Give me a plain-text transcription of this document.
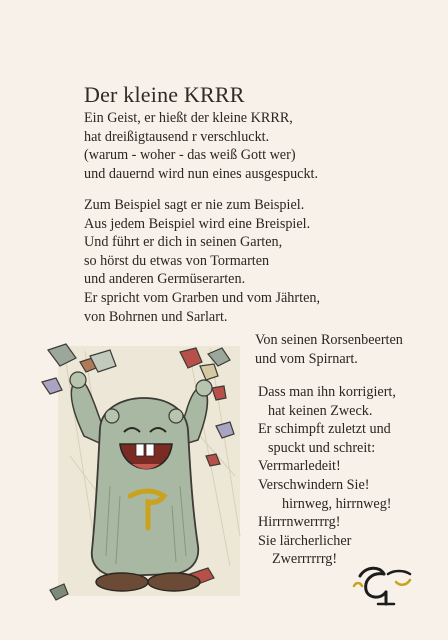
Der kleine KRRR
Ein Geist, er hießt der kleine KRRR,
hat dreißigtausend r verschluckt.
(warum - woher - das weiß Gott wer)
und dauernd wird nun eines ausgespuckt.
Zum Beispiel sagt er nie zum Beispiel.
Aus jedem Beispiel wird eine Breispiel.
Und führt er dich in seinen Garten,
so hörst du etwas von Tormarten
und anderen Germüserarten.
Er spricht vom Grarben und vom Jährten,
von Bohrnen und Sarlart.
Von seinen Rorsenbeerten
und vom Spirnart.
Dass man ihn korrigiert,
hat keinen Zweck.
Er schimpft zuletzt und
spuckt und schreit:
Verrmarledeit!
Verschwindern Sie!
hirnweg, hirrnweg!
Hirrrnwerrrrg!
Sie lärcherlicher
Zwerrrrrrg!
